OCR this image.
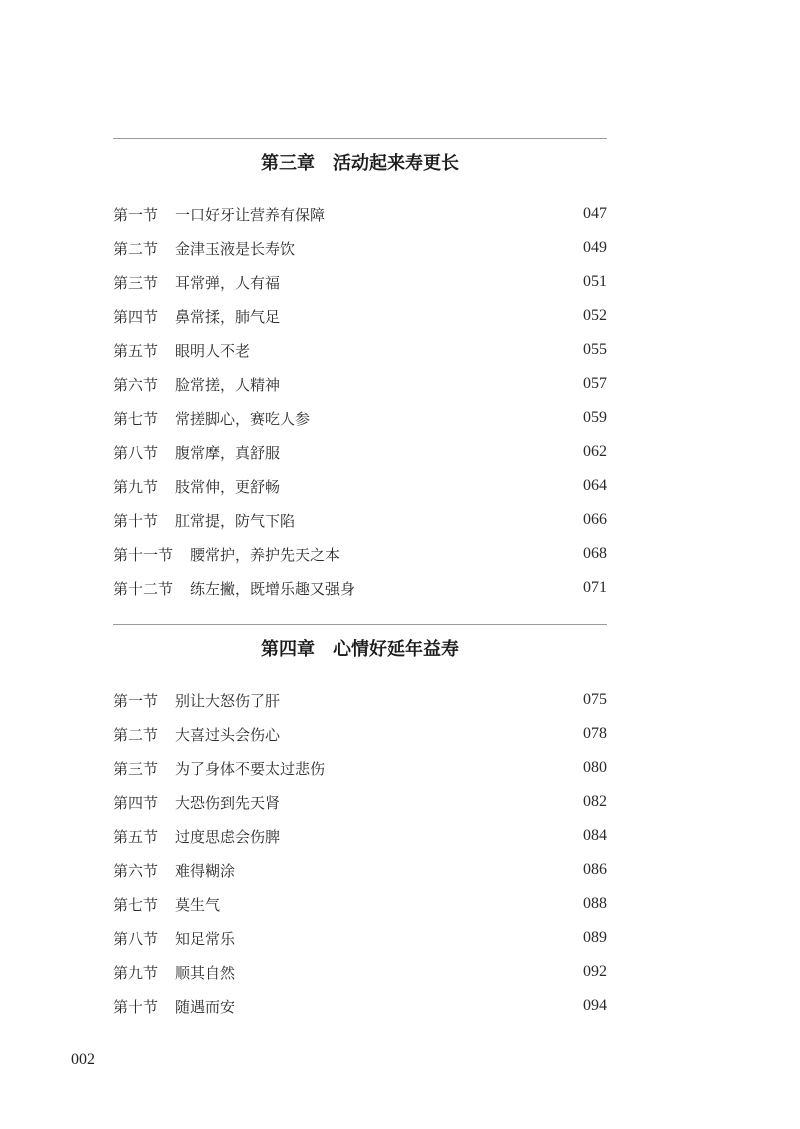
第三章　活动起来寿更长
第一节 一口好牙让营养有保障	047
第二节 金津玉液是长寿饮	049
第三节 耳常弹，人有福	051
第四节 鼻常揉，肺气足	052
第五节 眼明人不老	055
第六节 脸常搓，人精神	057
第七节 常搓脚心，赛吃人参	059
第八节 腹常摩，真舒服	062
第九节 肢常伸，更舒畅	064
第十节 肛常提，防气下陷	066
第十一节 腰常护，养护先天之本	068
第十二节 练左撇，既增乐趣又强身	071
第四章　心情好延年益寿
第一节 别让大怒伤了肝	075
第二节 大喜过头会伤心	078
第三节 为了身体不要太过悲伤	080
第四节 大恐伤到先天肾	082
第五节 过度思虑会伤脾	084
第六节 难得糊涂	086
第七节 莫生气	088
第八节 知足常乐	089
第九节 顺其自然	092
第十节 随遇而安	094
002
